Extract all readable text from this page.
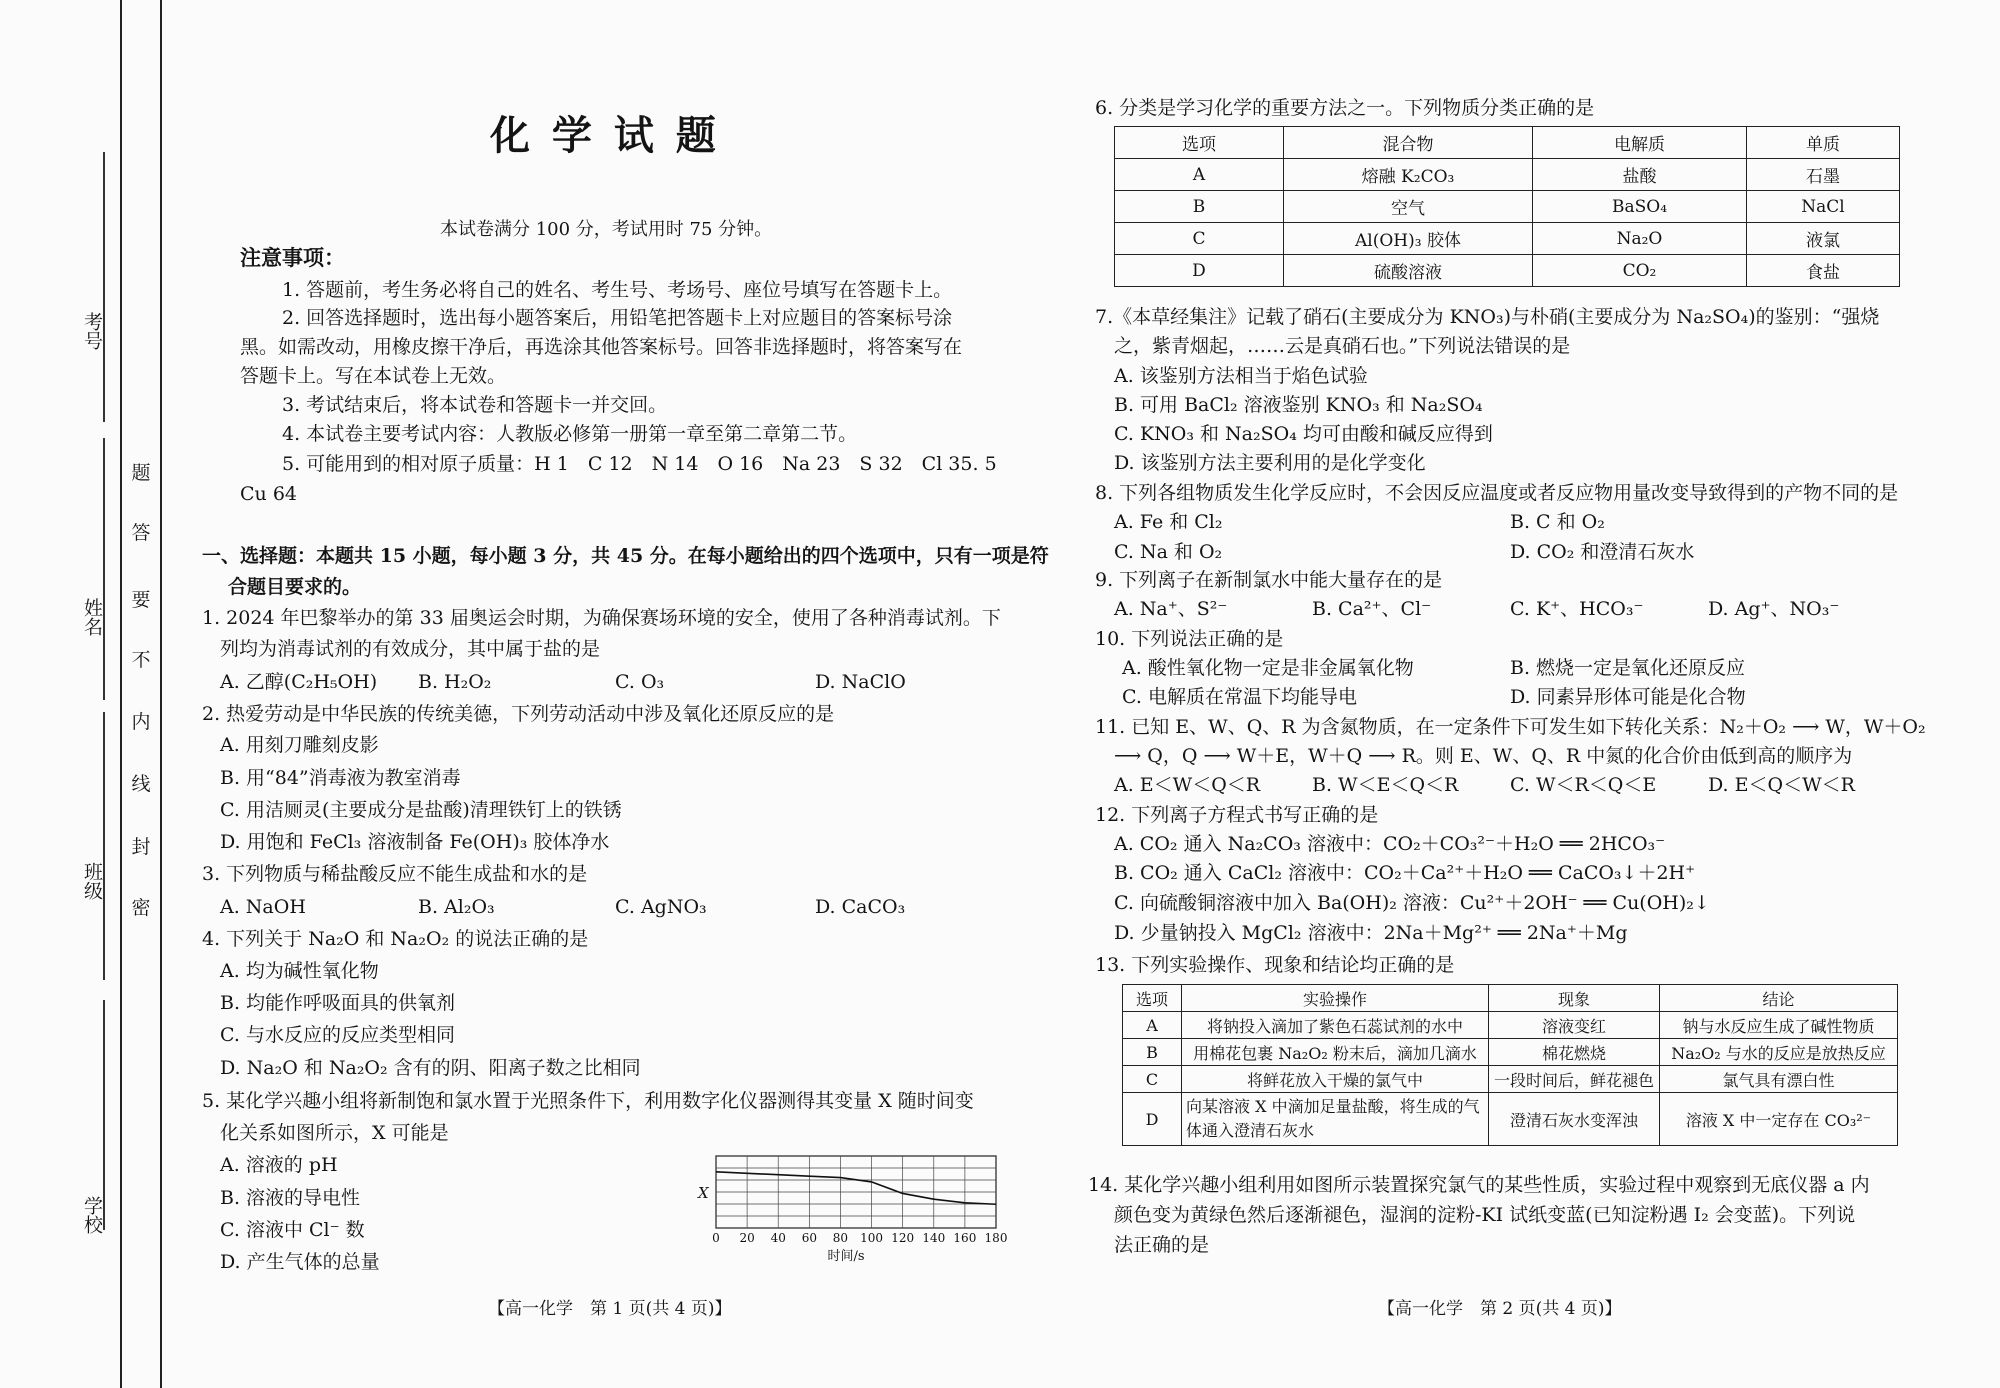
考号
姓名
班级
学校
题
答
要
不
内
线
封
密
化 学 试 题
本试卷满分 100 分，考试用时 75 分钟。
注意事项：
1. 答题前，考生务必将自己的姓名、考生号、考场号、座位号填写在答题卡上。
2. 回答选择题时，选出每小题答案后，用铅笔把答题卡上对应题目的答案标号涂
黑。如需改动，用橡皮擦干净后，再选涂其他答案标号。回答非选择题时，将答案写在
答题卡上。写在本试卷上无效。
3. 考试结束后，将本试卷和答题卡一并交回。
4. 本试卷主要考试内容：人教版必修第一册第一章至第二章第二节。
5. 可能用到的相对原子质量：H 1　C 12　N 14　O 16　Na 23　S 32　Cl 35. 5
Cu 64
一、选择题：本题共 15 小题，每小题 3 分，共 45 分。在每小题给出的四个选项中，只有一项是符
合题目要求的。
1. 2024 年巴黎举办的第 33 届奥运会时期，为确保赛场环境的安全，使用了各种消毒试剂。下
列均为消毒试剂的有效成分，其中属于盐的是
A. 乙醇(C₂H₅OH) B. H₂O₂	C. O₃	D. NaClO
2. 热爱劳动是中华民族的传统美德，下列劳动活动中涉及氧化还原反应的是
A. 用刻刀雕刻皮影
B. 用“84”消毒液为教室消毒
C. 用洁厕灵(主要成分是盐酸)清理铁钉上的铁锈
D. 用饱和 FeCl₃ 溶液制备 Fe(OH)₃ 胶体净水
3. 下列物质与稀盐酸反应不能生成盐和水的是
A. NaOH	B. Al₂O₃	C. AgNO₃	D. CaCO₃
4. 下列关于 Na₂O 和 Na₂O₂ 的说法正确的是
A. 均为碱性氧化物
B. 均能作呼吸面具的供氧剂
C. 与水反应的反应类型相同
D. Na₂O 和 Na₂O₂ 含有的阴、阳离子数之比相同
5. 某化学兴趣小组将新制饱和氯水置于光照条件下，利用数字化仪器测得其变量 X 随时间变
化关系如图所示，X 可能是
A. 溶液的 pH
B. 溶液的导电性
C. 溶液中 Cl⁻ 数
D. 产生气体的总量
0 20 40 60 80 100 120 140 160 180
X
时间/s
【高一化学　第 1 页(共 4 页)】
6. 分类是学习化学的重要方法之一。下列物质分类正确的是
选项	混合物	电解质	单质
A	熔融 K₂CO₃	盐酸	石墨
B	空气	BaSO₄	NaCl
C	Al(OH)₃ 胶体	Na₂O	液氯
D	硫酸溶液	CO₂	食盐
7.《本草经集注》记载了硝石(主要成分为 KNO₃)与朴硝(主要成分为 Na₂SO₄)的鉴别：“强烧
之，紫青烟起，……云是真硝石也。”下列说法错误的是
A. 该鉴别方法相当于焰色试验
B. 可用 BaCl₂ 溶液鉴别 KNO₃ 和 Na₂SO₄
C. KNO₃ 和 Na₂SO₄ 均可由酸和碱反应得到
D. 该鉴别方法主要利用的是化学变化
8. 下列各组物质发生化学反应时，不会因反应温度或者反应物用量改变导致得到的产物不同的是
A. Fe 和 Cl₂	B. C 和 O₂
C. Na 和 O₂	D. CO₂ 和澄清石灰水
9. 下列离子在新制氯水中能大量存在的是
A. Na⁺、S²⁻	B. Ca²⁺、Cl⁻	C. K⁺、HCO₃⁻	D. Ag⁺、NO₃⁻
10. 下列说法正确的是
A. 酸性氧化物一定是非金属氧化物	B. 燃烧一定是氧化还原反应
C. 电解质在常温下均能导电	D. 同素异形体可能是化合物
11. 已知 E、W、Q、R 为含氮物质，在一定条件下可发生如下转化关系：N₂＋O₂ ⟶ W，W＋O₂
⟶ Q，Q ⟶ W＋E，W＋Q ⟶ R。则 E、W、Q、R 中氮的化合价由低到高的顺序为
A. E＜W＜Q＜R	B. W＜E＜Q＜R	C. W＜R＜Q＜E	D. E＜Q＜W＜R
12. 下列离子方程式书写正确的是
A. CO₂ 通入 Na₂CO₃ 溶液中：CO₂＋CO₃²⁻＋H₂O ══ 2HCO₃⁻
B. CO₂ 通入 CaCl₂ 溶液中：CO₂＋Ca²⁺＋H₂O ══ CaCO₃↓＋2H⁺
C. 向硫酸铜溶液中加入 Ba(OH)₂ 溶液：Cu²⁺＋2OH⁻ ══ Cu(OH)₂↓
D. 少量钠投入 MgCl₂ 溶液中：2Na＋Mg²⁺ ══ 2Na⁺＋Mg
13. 下列实验操作、现象和结论均正确的是
选项	实验操作	现象	结论
A	将钠投入滴加了紫色石蕊试剂的水中	溶液变红	钠与水反应生成了碱性物质
B	用棉花包裹 Na₂O₂ 粉末后，滴加几滴水	棉花燃烧	Na₂O₂ 与水的反应是放热反应
C	将鲜花放入干燥的氯气中	一段时间后，鲜花褪色	氯气具有漂白性
D	向某溶液 X 中滴加足量盐酸，将生成的气体通入澄清石灰水	澄清石灰水变浑浊	溶液 X 中一定存在 CO₃²⁻
14. 某化学兴趣小组利用如图所示装置探究氯气的某些性质，实验过程中观察到无底仪器 a 内
颜色变为黄绿色然后逐渐褪色，湿润的淀粉-KI 试纸变蓝(已知淀粉遇 I₂ 会变蓝)。下列说
法正确的是
【高一化学　第 2 页(共 4 页)】
